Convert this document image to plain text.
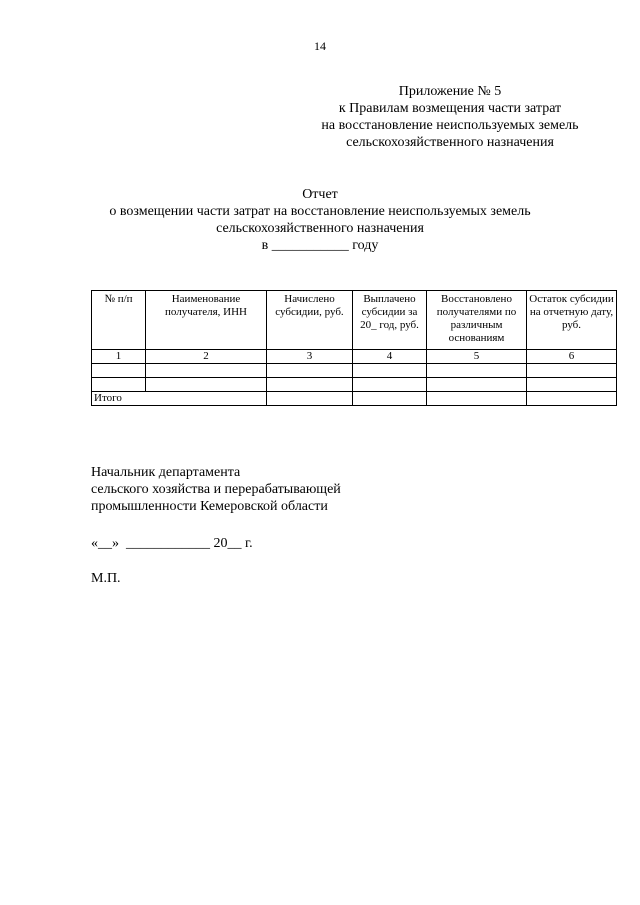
14
Приложение № 5
к Правилам возмещения части затрат
на восстановление неиспользуемых земель
сельскохозяйственного назначения
Отчет
о возмещении части затрат на восстановление неиспользуемых земель
сельскохозяйственного назначения
в ___________ году
№ п/п	Наименование получателя, ИНН	Начислено субсидии, руб.	Выплачено субсидии за 20_ год, руб.	Восстановлено получателями по различным основаниям	Остаток субсидии на отчетную дату, руб.
1	2	3	4	5	6

Итого					
Начальник департамента
сельского хозяйства и перерабатывающей
промышленности Кемеровской области
«__»  ____________ 20__ г.
М.П.
